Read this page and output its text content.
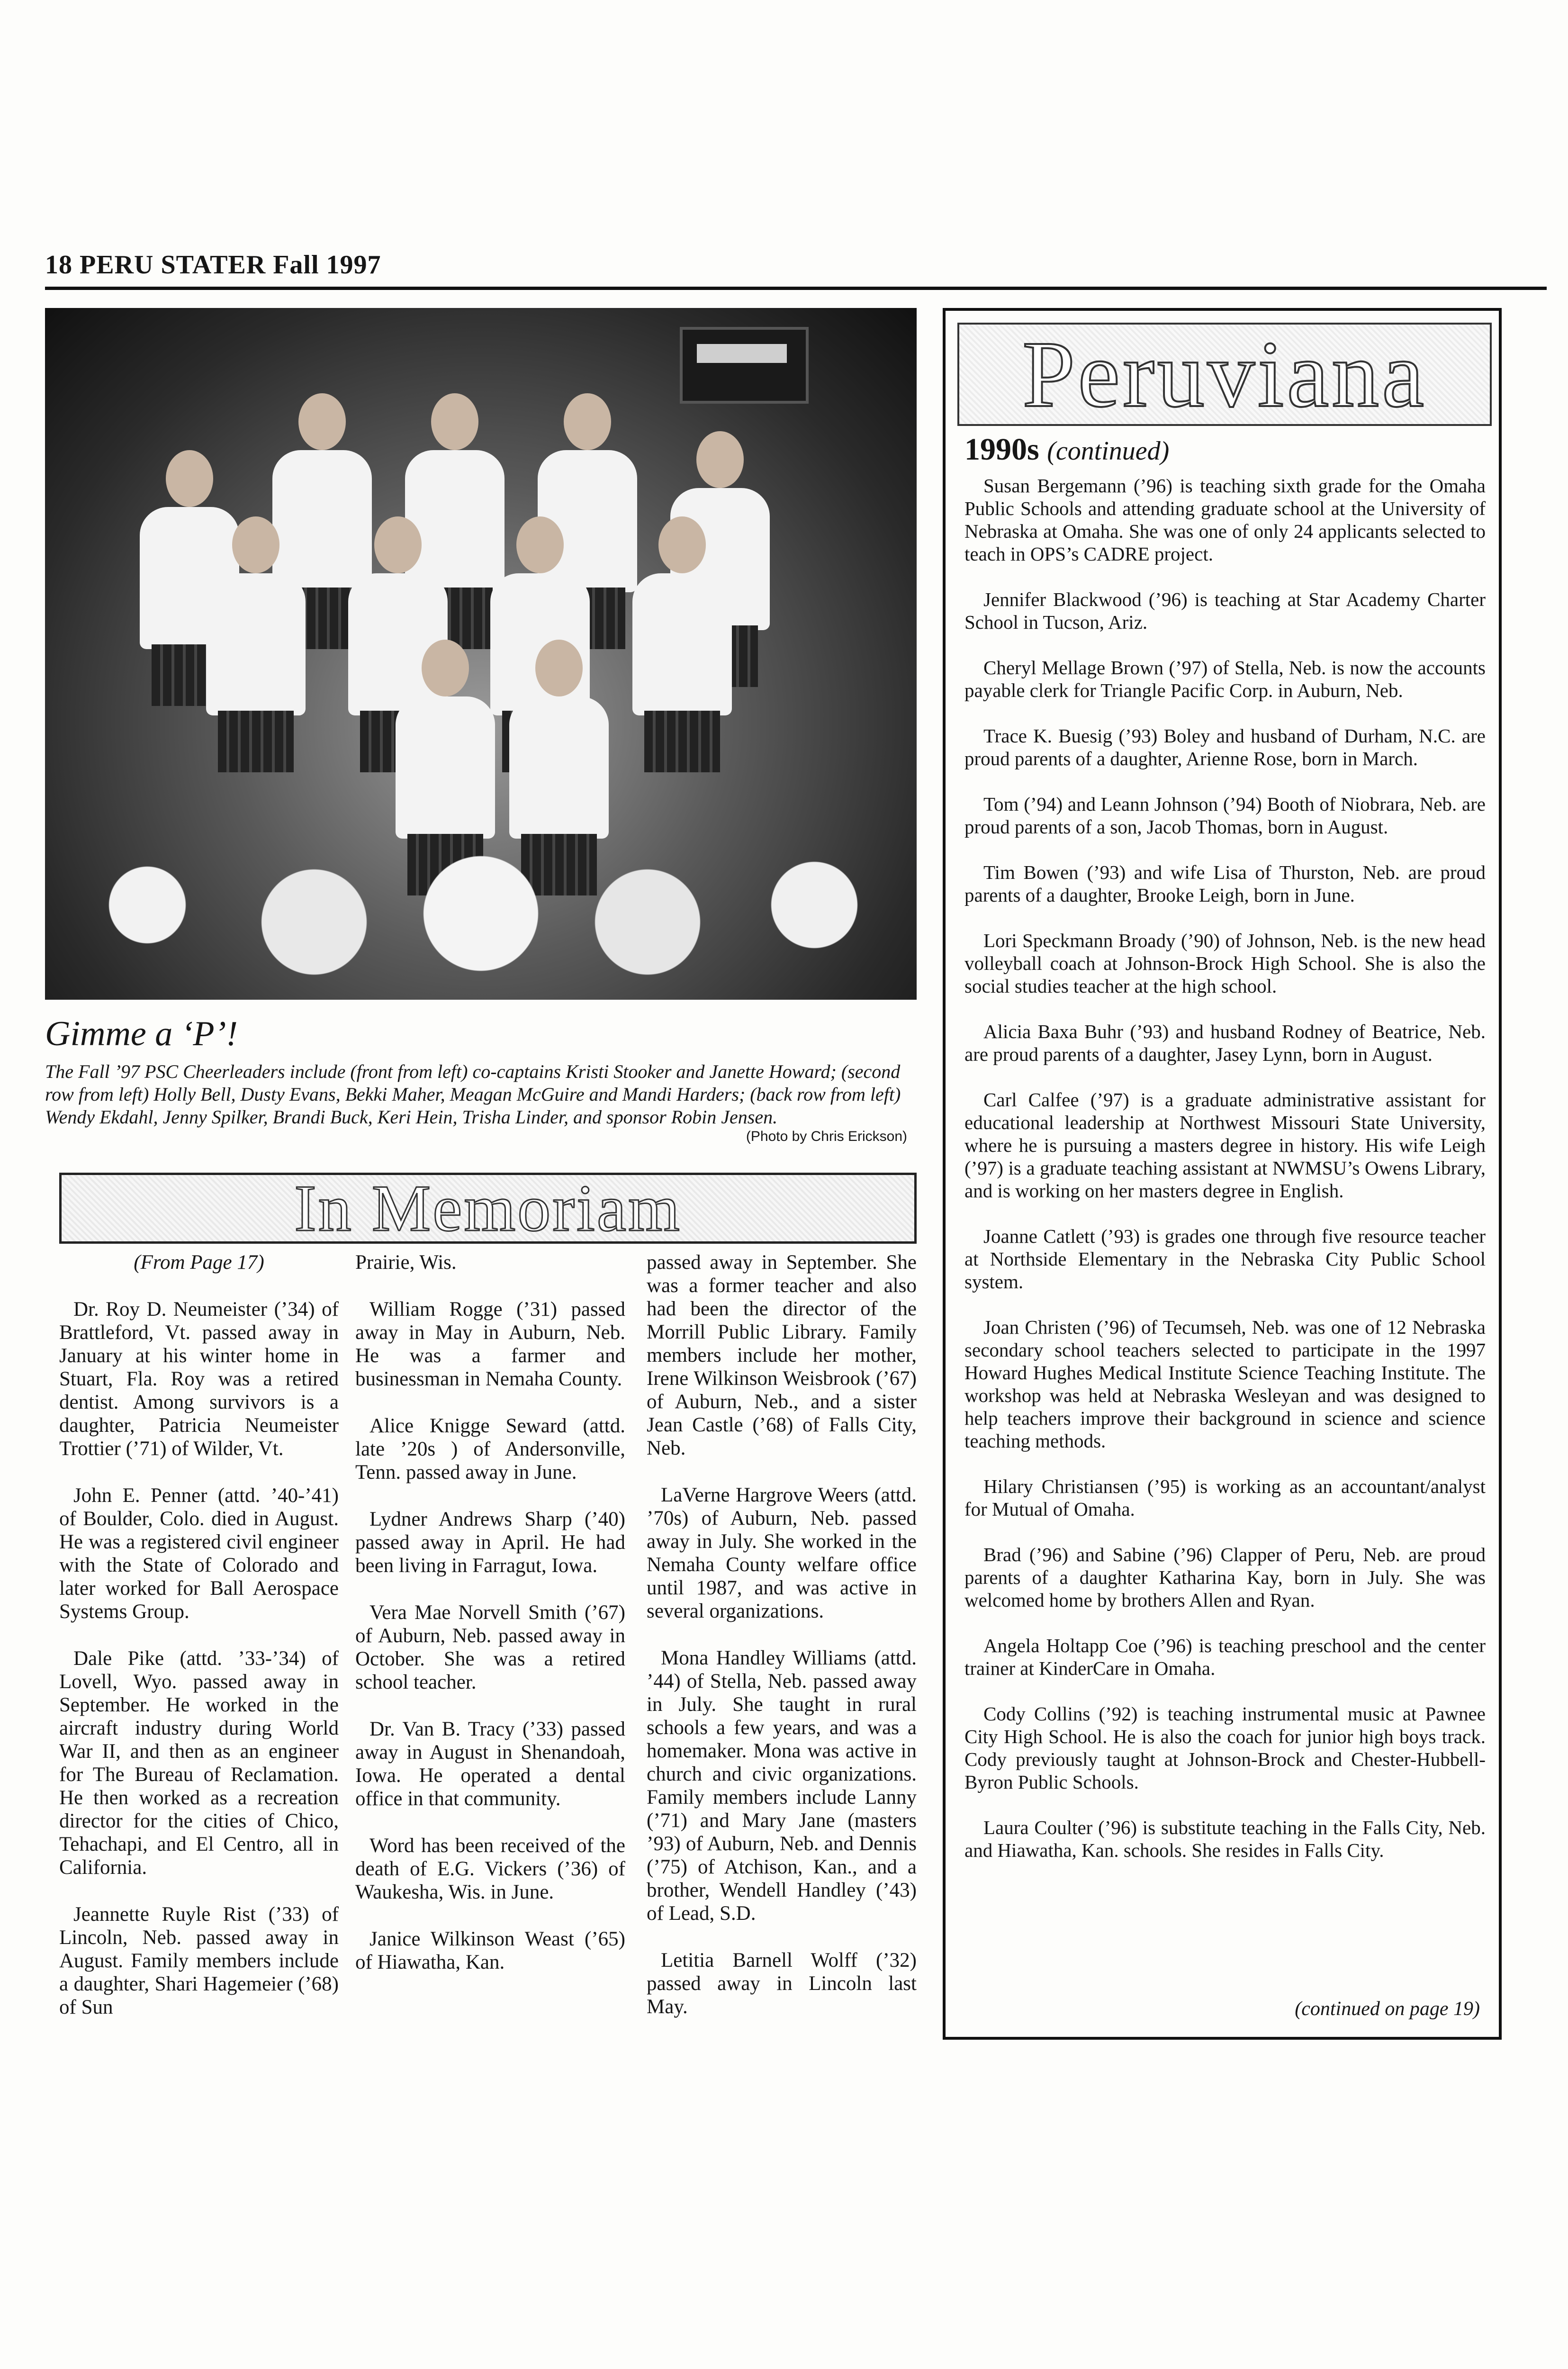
18 PERU STATER Fall 1997
Gimme a ‘P’!
The Fall ’97 PSC Cheerleaders include (front from left) co-captains Kristi Stooker and Janette Howard; (second row from left) Holly Bell, Dusty Evans, Bekki Maher, Meagan McGuire and Mandi Harders; (back row from left) Wendy Ekdahl, Jenny Spilker, Brandi Buck, Keri Hein, Trisha Linder, and sponsor Robin Jensen.
(Photo by Chris Erickson)
In Memoriam

(From Page 17)

Dr. Roy D. Neumeister (’34) of Brattleford, Vt. passed away in January at his winter home in Stuart, Fla. Roy was a retired dentist. Among survivors is a daughter, Patricia Neumeister Trottier (’71) of Wilder, Vt.

John E. Penner (attd. ’40-’41) of Boulder, Colo. died in August. He was a registered civil engineer with the State of Colorado and later worked for Ball Aerospace Systems Group.

Dale Pike (attd. ’33-’34) of Lovell, Wyo. passed away in September. He worked in the aircraft industry during World War II, and then as an engineer for The Bureau of Reclamation. He then worked as a recreation director for the cities of Chico, Tehachapi, and El Centro, all in California.

Jeannette Ruyle Rist (’33) of Lincoln, Neb. passed away in August. Family members include a daughter, Shari Hagemeier (’68) of Sun

Prairie, Wis.

William Rogge (’31) passed away in May in Auburn, Neb. He was a farmer and businessman in Nemaha County.

Alice Knigge Seward (attd. late ’20s ) of Andersonville, Tenn. passed away in June.

Lydner Andrews Sharp (’40) passed away in April. He had been living in Farragut, Iowa.

Vera Mae Norvell Smith (’67) of Auburn, Neb. passed away in October. She was a retired school teacher.

Dr. Van B. Tracy (’33) passed away in August in Shenandoah, Iowa. He operated a dental office in that community.

Word has been received of the death of E.G. Vickers (’36) of Waukesha, Wis. in June.

Janice Wilkinson Weast (’65) of Hiawatha, Kan.

passed away in September. She was a former teacher and also had been the director of the Morrill Public Library. Family members include her mother, Irene Wilkinson Weisbrook (’67) of Auburn, Neb., and a sister Jean Castle (’68) of Falls City, Neb.

LaVerne Hargrove Weers (attd. ’70s) of Auburn, Neb. passed away in July. She worked in the Nemaha County welfare office until 1987, and was active in several organizations.

Mona Handley Williams (attd. ’44) of Stella, Neb. passed away in July. She taught in rural schools a few years, and was a homemaker. Mona was active in church and civic organizations. Family members include Lanny (’71) and Mary Jane (masters ’93) of Auburn, Neb. and Dennis (’75) of Atchison, Kan., and a brother, Wendell Handley (’43) of Lead, S.D.

Letitia Barnell Wolff (’32) passed away in Lincoln last May.

Peruviana
1990s (continued)

Susan Bergemann (’96) is teaching sixth grade for the Omaha Public Schools and attending graduate school at the University of Nebraska at Omaha. She was one of only 24 applicants selected to teach in OPS’s CADRE project.

Jennifer Blackwood (’96) is teaching at Star Academy Charter School in Tucson, Ariz.

Cheryl Mellage Brown (’97) of Stella, Neb. is now the accounts payable clerk for Triangle Pacific Corp. in Auburn, Neb.

Trace K. Buesig (’93) Boley and husband of Durham, N.C. are proud parents of a daughter, Arienne Rose, born in March.

Tom (’94) and Leann Johnson (’94) Booth of Niobrara, Neb. are proud parents of a son, Jacob Thomas, born in August.

Tim Bowen (’93) and wife Lisa of Thurston, Neb. are proud parents of a daughter, Brooke Leigh, born in June.

Lori Speckmann Broady (’90) of Johnson, Neb. is the new head volleyball coach at Johnson-Brock High School. She is also the social studies teacher at the high school.

Alicia Baxa Buhr (’93) and husband Rodney of Beatrice, Neb. are proud parents of a daughter, Jasey Lynn, born in August.

Carl Calfee (’97) is a graduate administrative assistant for educational leadership at Northwest Missouri State University, where he is pursuing a masters degree in history. His wife Leigh (’97) is a graduate teaching assistant at NWMSU’s Owens Library, and is working on her masters degree in English.

Joanne Catlett (’93) is grades one through five resource teacher at Northside Elementary in the Nebraska City Public School system.

Joan Christen (’96) of Tecumseh, Neb. was one of 12 Nebraska secondary school teachers selected to participate in the 1997 Howard Hughes Medical Institute Science Teaching Institute. The workshop was held at Nebraska Wesleyan and was designed to help teachers improve their background in science and science teaching methods.

Hilary Christiansen (’95) is working as an accountant/analyst for Mutual of Omaha.

Brad (’96) and Sabine (’96) Clapper of Peru, Neb. are proud parents of a daughter Katharina Kay, born in July. She was welcomed home by brothers Allen and Ryan.

Angela Holtapp Coe (’96) is teaching preschool and the center trainer at KinderCare in Omaha.

Cody Collins (’92) is teaching instrumental music at Pawnee City High School. He is also the coach for junior high boys track. Cody previously taught at Johnson-Brock and Chester-Hubbell-Byron Public Schools.

Laura Coulter (’96) is substitute teaching in the Falls City, Neb. and Hiawatha, Kan. schools. She resides in Falls City.

(continued on page 19)
